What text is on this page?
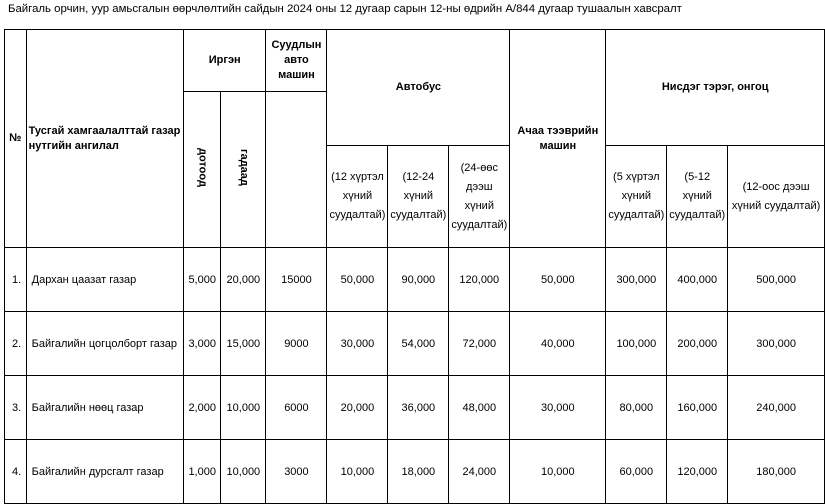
Байгаль орчин, уур амьсгалын өөрчлөлтийн сайдын 2024 оны 12 дугаар сарын 12-ны өдрийн А/844 дугаар тушаалын хавсралт
№	Тусгай хамгаалалттай газар нутгийн ангилал	Иргэн		Суудлын авто машин	Автобус			Ачаа тээврийн машин	Нисдэг тэрэг, онгоц		
		дотоод	гадаад								
					(12 хүртэл хүний суудалтай)	(12-24 хүний суудалтай)	(24-өөс дээш хүний суудалтай)		(5 хүртэл хүний суудалтай)	(5-12 хүний суудалтай)	(12-оос дээш хүний суудалтай)
1.	Дархан цаазат газар	5,000	20,000	15000	50,000	90,000	120,000	50,000	300,000	400,000	500,000
2.	Байгалийн цогцолборт газар	3,000	15,000	9000	30,000	54,000	72,000	40,000	100,000	200,000	300,000
3.	Байгалийн нөөц газар	2,000	10,000	6000	20,000	36,000	48,000	30,000	80,000	160,000	240,000
4.	Байгалийн дурсгалт газар	1,000	10,000	3000	10,000	18,000	24,000	10,000	60,000	120,000	180,000
